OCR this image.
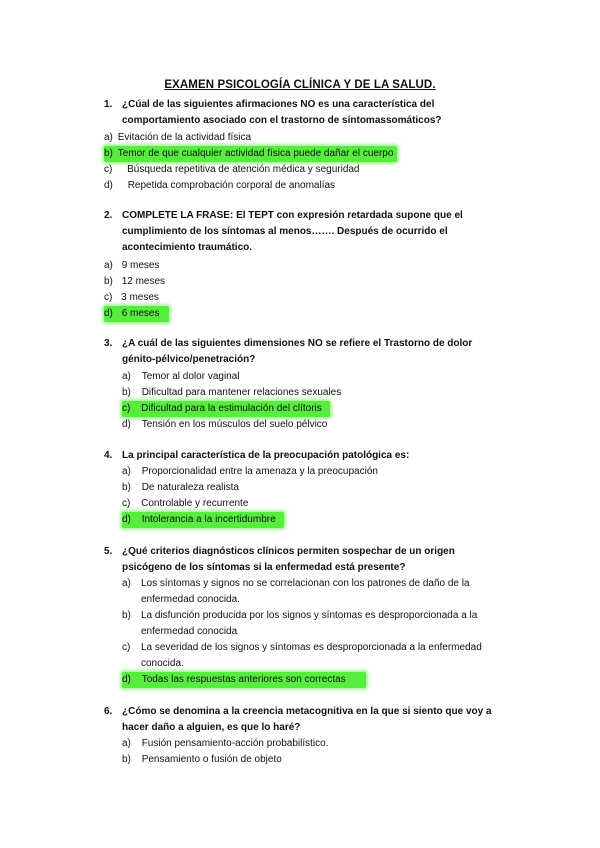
EXAMEN PSICOLOGÍA CLÍNICA Y DE LA SALUD.
1. ¿Cúal de las siguientes afirmaciones NO es una característica del comportamiento asociado con el trastorno de síntomassomáticos?
a) Evitación de la actividad física
b) Temor de que cualquier actividad física puede dañar el cuerpo
c) Búsqueda repetitiva de atención médica y seguridad
d) Repetida comprobación corporal de anomalías
2. COMPLETE LA FRASE: El TEPT con expresión retardada supone que el cumplimiento de los síntomas al menos……. Después de ocurrido el acontecimiento traumático.
a) 9 meses
b) 12 meses
c) 3 meses
d) 6 meses
3. ¿A cuál de las siguientes dimensiones NO se refiere el Trastorno de dolor génito-pélvico/penetración?
a) Temor al dolor vaginal
b) Dificultad para mantener relaciones sexuales
c) Dificultad para la estimulación del clítoris
d) Tensión en los músculos del suelo pélvico
4. La principal característica de la preocupación patológica es:
a) Proporcionalidad entre la amenaza y la preocupación
b) De naturaleza realista
c) Controlable y recurrente
d) Intolerancia a la incertidumbre
5. ¿Qué criterios diagnósticos clínicos permiten sospechar de un origen psicógeno de los síntomas si la enfermedad está presente?
a) Los síntomas y signos no se correlacionan con los patrones de daño de la enfermedad conocida.
b) La disfunción producida por los signos y síntomas es desproporcionada a la enfermedad conocida
c) La severidad de los signos y síntomas es desproporcionada a la enfermedad conocida.
d) Todas las respuestas anteriores son correctas
6. ¿Cómo se denomina a la creencia metacognitiva en la que si siento que voy a hacer daño a alguien, es que lo haré?
a) Fusión pensamiento-acción probabilístico.
b) Pensamiento o fusión de objeto
